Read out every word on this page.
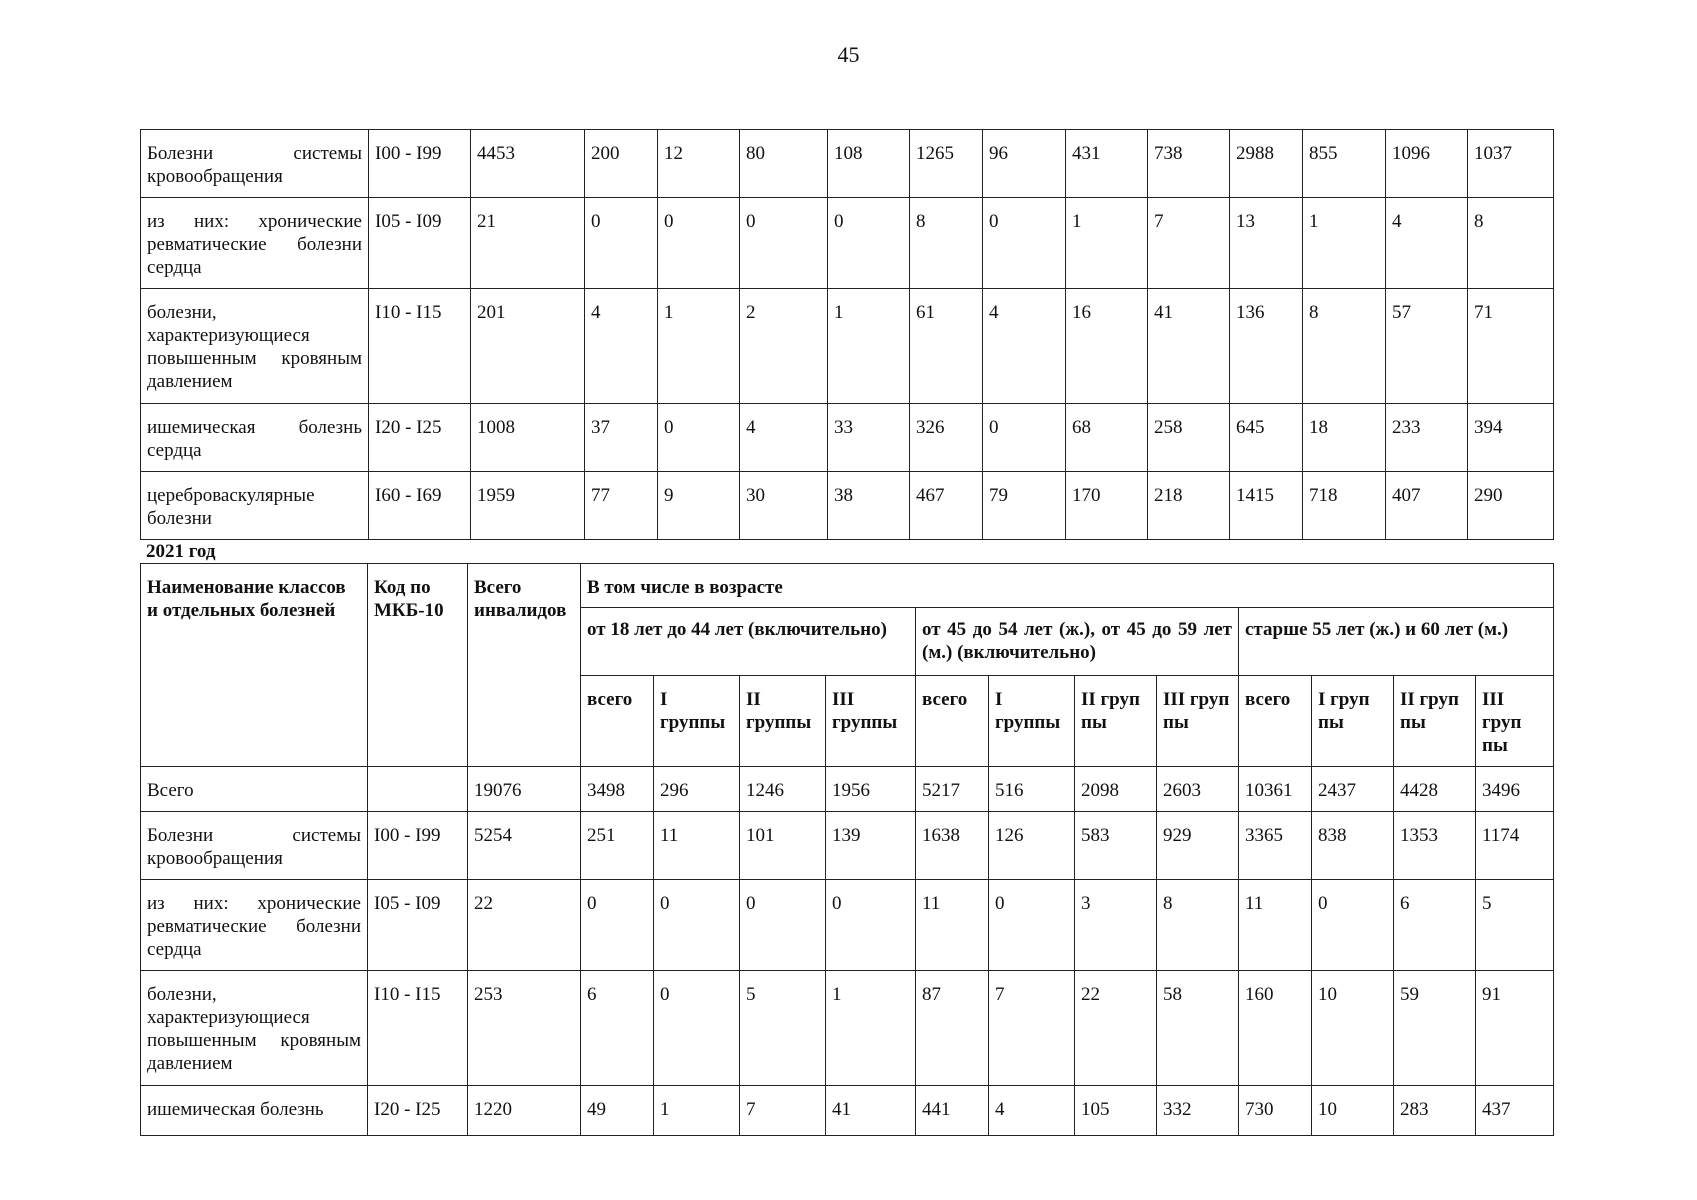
45
Болезни системы кровообращения	I00 - I99	4453	200	12	80	108	1265	96	431	738	2988	855	1096	1037
из них: хронические ревматические болезни сердца	I05 - I09	21	0	0	0	0	8	0	1	7	13	1	4	8
болезни, характеризующиеся повышенным кровяным давлением	I10 - I15	201	4	1	2	1	61	4	16	41	136	8	57	71
ишемическая болезнь сердца	I20 - I25	1008	37	0	4	33	326	0	68	258	645	18	233	394
цереброваскулярные болезни	I60 - I69	1959	77	9	30	38	467	79	170	218	1415	718	407	290
2021 год
Наименование классов и отдельных болезней	Код по МКБ-10	Всего инвалидов	В том числе в возрасте											
			от 18 лет до 44 лет (включительно)				от 45 до 54 лет (ж.), от 45 до 59 лет (м.) (включительно)				старше 55 лет (ж.) и 60 лет (м.)			
			всего	I группы	II группы	III группы	всего	I группы	II груп пы	III груп пы	всего	I груп пы	II груп пы	III груп пы
Всего		19076	3498	296	1246	1956	5217	516	2098	2603	10361	2437	4428	3496
Болезни системы кровообращения	I00 - I99	5254	251	11	101	139	1638	126	583	929	3365	838	1353	1174
из них: хронические ревматические болезни сердца	I05 - I09	22	0	0	0	0	11	0	3	8	11	0	6	5
болезни, характеризующиеся повышенным кровяным давлением	I10 - I15	253	6	0	5	1	87	7	22	58	160	10	59	91
ишемическая болезнь	I20 - I25	1220	49	1	7	41	441	4	105	332	730	10	283	437
